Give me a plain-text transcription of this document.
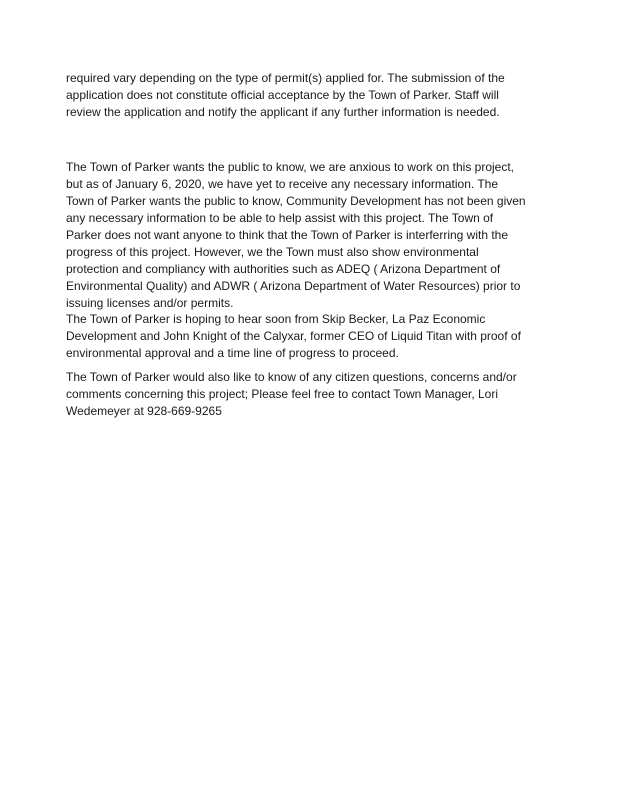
required vary depending on the type of permit(s) applied for. The submission of the
application does not constitute official acceptance by the Town of Parker. Staff will
review the application and notify the applicant if any further information is needed.

The Town of Parker wants the public to know, we are anxious to work on this project,
but as of January 6, 2020, we have yet to receive any necessary information. The
Town of Parker wants the public to know, Community Development has not been given
any necessary information to be able to help assist with this project. The Town of
Parker does not want anyone to think that the Town of Parker is interferring with the
progress of this project. However, we the Town must also show environmental
protection and compliancy with authorities such as ADEQ ( Arizona Department of
Environmental Quality) and ADWR ( Arizona Department of Water Resources) prior to
issuing licenses and/or permits.

The Town of Parker is hoping to hear soon from Skip Becker, La Paz Economic
Development and John Knight of the Calyxar, former CEO of Liquid Titan with proof of
environmental approval and a time line of progress to proceed.

The Town of Parker would also like to know of any citizen questions, concerns and/or
comments concerning this project; Please feel free to contact Town Manager, Lori
Wedemeyer at 928-669-9265
